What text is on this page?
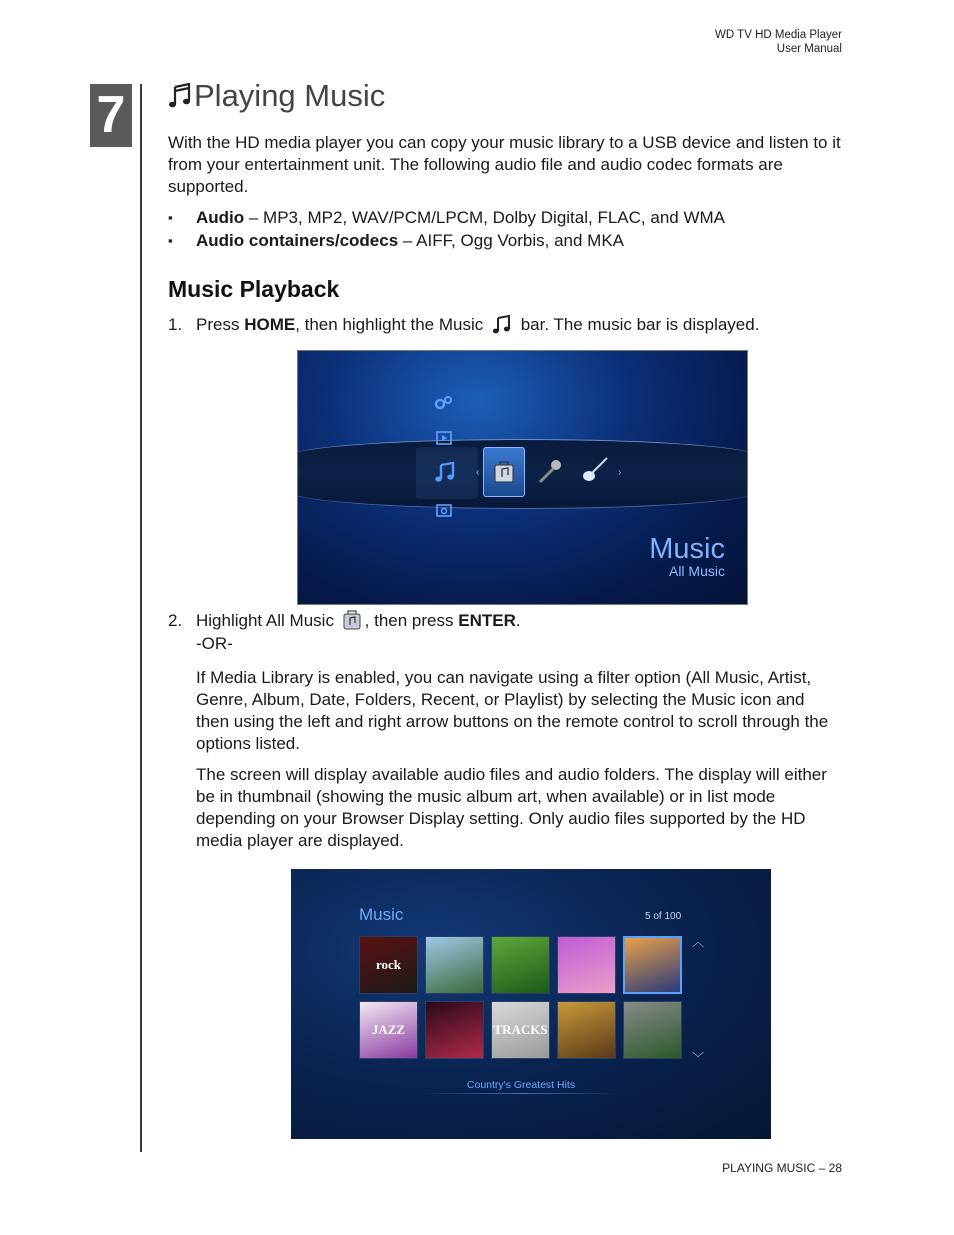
WD TV HD Media Player
User Manual
7 Playing Music

With the HD media player you can copy your music library to a USB device and listen to it from your entertainment unit. The following audio file and audio codec formats are supported.

▪	Audio – MP3, MP2, WAV/PCM/LPCM, Dolby Digital, FLAC, and WMA
▪	Audio containers/codecs – AIFF, Ogg Vorbis, and MKA
Music Playback
1. Press HOME, then highlight the Music  bar. The music bar is displayed.
‹	›
Music
All Music
2. Highlight All Music , then press ENTER.
-OR-

If Media Library is enabled, you can navigate using a filter option (All Music, Artist, Genre, Album, Date, Folders, Recent, or Playlist) by selecting the Music icon and then using the left and right arrow buttons on the remote control to scroll through the options listed.

The screen will display available audio files and audio folders. The display will either be in thumbnail (showing the music album art, when available) or in list mode depending on your Browser Display setting. Only audio files supported by the HD media player are displayed.

Music	5 of 100
rock
JAZZ	TRACKS
︿
﹀
Country's Greatest Hits
PLAYING MUSIC – 28
